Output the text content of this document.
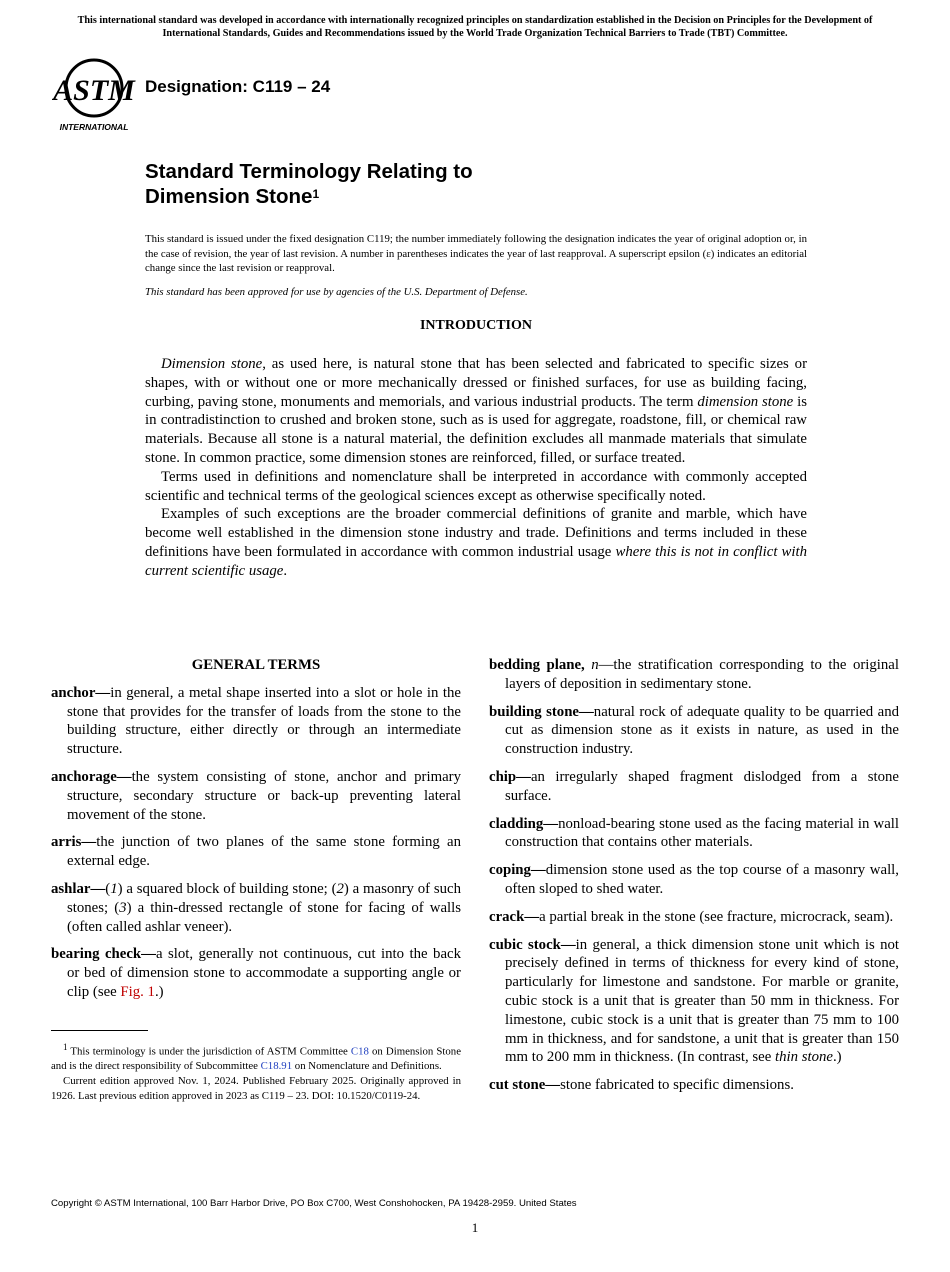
This international standard was developed in accordance with internationally recognized principles on standardization established in the Decision on Principles for the Development of International Standards, Guides and Recommendations issued by the World Trade Organization Technical Barriers to Trade (TBT) Committee.
ASTM
INTERNATIONAL
Designation: C119 – 24
Standard Terminology Relating to
Dimension Stone$^1$
This standard is issued under the fixed designation C119; the number immediately following the designation indicates the year of original adoption or, in the case of revision, the year of last revision. A number in parentheses indicates the year of last reapproval. A superscript epsilon (ε) indicates an editorial change since the last revision or reapproval.
This standard has been approved for use by agencies of the U.S. Department of Defense.
INTRODUCTION

Dimension stone, as used here, is natural stone that has been selected and fabricated to specific sizes or shapes, with or without one or more mechanically dressed or finished surfaces, for use as building facing, curbing, paving stone, monuments and memorials, and various industrial products. The term dimension stone is in contradistinction to crushed and broken stone, such as is used for aggregate, roadstone, fill, or chemical raw materials. Because all stone is a natural material, the definition excludes all manmade materials that simulate stone. In common practice, some dimension stones are reinforced, filled, or surface treated.

Terms used in definitions and nomenclature shall be interpreted in accordance with commonly accepted scientific and technical terms of the geological sciences except as otherwise specifically noted.

Examples of such exceptions are the broader commercial definitions of granite and marble, which have become well established in the dimension stone industry and trade. Definitions and terms included in these definitions have been formulated in accordance with common industrial usage where this is not in conflict with current scientific usage.

GENERAL TERMS
anchor—in general, a metal shape inserted into a slot or hole in the stone that provides for the transfer of loads from the stone to the building structure, either directly or through an intermediate structure.
anchorage—the system consisting of stone, anchor and primary structure, secondary structure or back-up preventing lateral movement of the stone.
arris—the junction of two planes of the same stone forming an external edge.
ashlar—(1) a squared block of building stone; (2) a masonry of such stones; (3) a thin-dressed rectangle of stone for facing of walls (often called ashlar veneer).
bearing check—a slot, generally not continuous, cut into the back or bed of dimension stone to accommodate a supporting angle or clip (see Fig. 1.)

$^1$ This terminology is under the jurisdiction of ASTM Committee C18 on Dimension Stone and is the direct responsibility of Subcommittee C18.91 on Nomenclature and Definitions.

Current edition approved Nov. 1, 2024. Published February 2025. Originally approved in 1926. Last previous edition approved in 2023 as C119 – 23. DOI: 10.1520/C0119-24.

bedding plane, n—the stratification corresponding to the original layers of deposition in sedimentary stone.
building stone—natural rock of adequate quality to be quarried and cut as dimension stone as it exists in nature, as used in the construction industry.
chip—an irregularly shaped fragment dislodged from a stone surface.
cladding—nonload-bearing stone used as the facing material in wall construction that contains other materials.
coping—dimension stone used as the top course of a masonry wall, often sloped to shed water.
crack—a partial break in the stone (see fracture, microcrack, seam).
cubic stock—in general, a thick dimension stone unit which is not precisely defined in terms of thickness for every kind of stone, particularly for limestone and sandstone. For marble or granite, cubic stock is a unit that is greater than 50 mm in thickness. For limestone, cubic stock is a unit that is greater than 75 mm to 100 mm in thickness, and for sandstone, a unit that is greater than 150 mm to 200 mm in thickness. (In contrast, see thin stone.)
cut stone—stone fabricated to specific dimensions.
Copyright © ASTM International, 100 Barr Harbor Drive, PO Box C700, West Conshohocken, PA 19428-2959. United States
1
